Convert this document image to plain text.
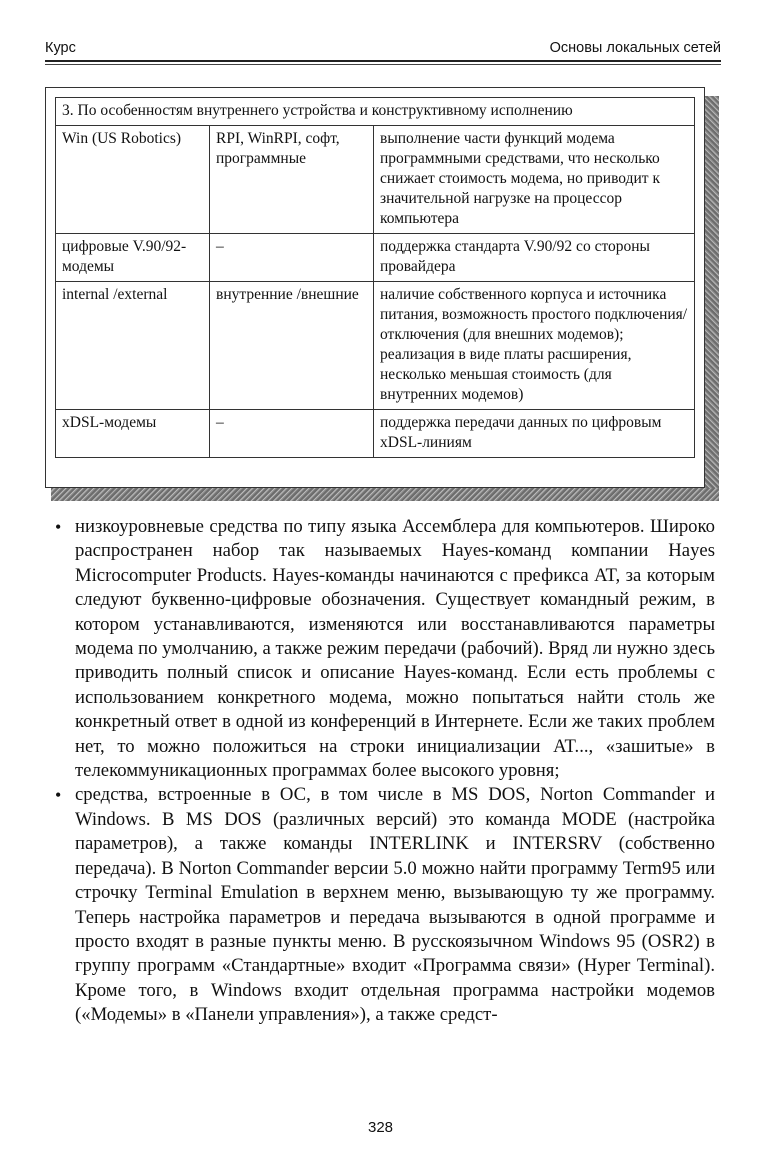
Курс	Основы локальных сетей
3. По особенностям внутреннего устройства и конструктивному исполнению		
Win (US Robotics)	RPI, WinRPI, софт, программные	выполнение части функций модема программными средствами, что несколько снижает стоимость модема, но приводит к значительной нагрузке на процессор компьютера
цифровые V.90/92-модемы	–	поддержка стандарта V.90/92 со стороны провайдера
internal /external	внутренние /внешние	наличие собственного корпуса и источника питания, возможность простого подключения/отключения (для внешних модемов); реализация в виде платы расширения, несколько меньшая стоимость (для внутренних модемов)
xDSL-модемы	–	поддержка передачи данных по цифровым xDSL-линиям
• низкоуровневые средства по типу языка Ассемблера для компьютеров. Широко распространен набор так называемых Hayes-команд компании Hayes Microcomputer Products. Hayes-команды начинаются с префикса AT, за которым следуют буквенно-цифровые обозначения. Существует командный режим, в котором устанавливаются, изменяются или восстанавливаются параметры модема по умолчанию, а также режим передачи (рабочий). Вряд ли нужно здесь приводить полный список и описание Hayes-команд. Если есть проблемы с использованием конкретного модема, можно попытаться найти столь же конкретный ответ в одной из конференций в Интернете. Если же таких проблем нет, то можно положиться на строки инициализации AT..., «зашитые» в телекоммуникационных программах более высокого уровня;
• средства, встроенные в ОС, в том числе в MS DOS, Norton Commander и Windows. В MS DOS (различных версий) это команда MODE (настройка параметров), а также команды INTERLINK и INTERSRV (собственно передача). В Norton Commander версии 5.0 можно найти программу Term95 или строчку Terminal Emulation в верхнем меню, вызывающую ту же программу. Теперь настройка параметров и передача вызываются в одной программе и просто входят в разные пункты меню. В русскоязычном Windows 95 (OSR2) в группу программ «Стандартные» входит «Программа связи» (Hyper Terminal). Кроме того, в Windows входит отдельная программа настройки модемов («Модемы» в «Панели управления»), а также средст-
328
